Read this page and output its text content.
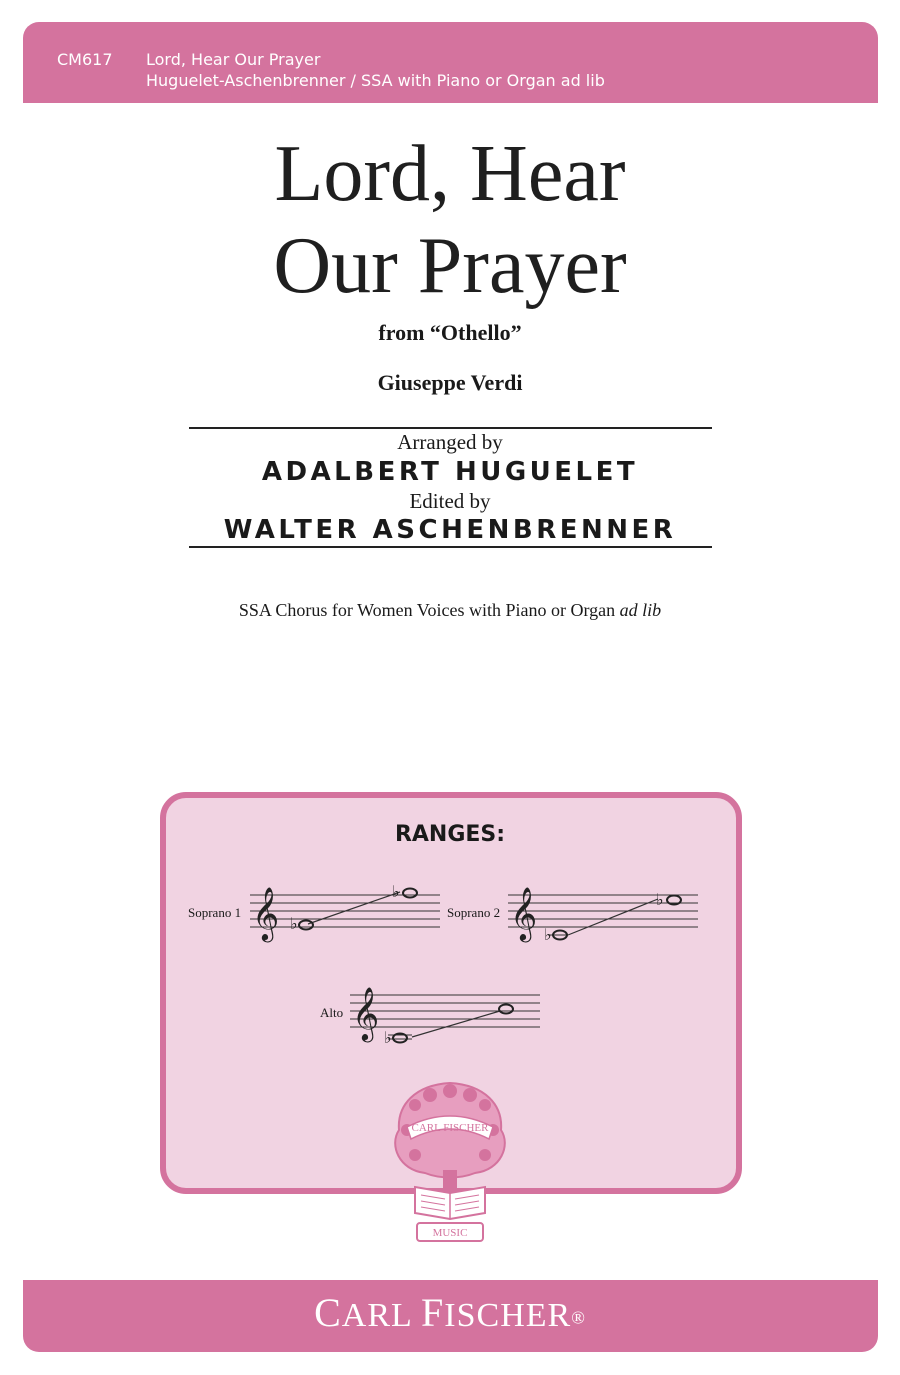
CM617 Lord, Hear Our Prayer
Huguelet-Aschenbrenner / SSA with Piano or Organ ad lib
Lord, Hear
Our Prayer
from “Othello”
Giuseppe Verdi
Arranged by
ADALBERT HUGUELET
Edited by
WALTER ASCHENBRENNER
SSA Chorus for Women Voices with Piano or Organ ad lib
RANGES:
Soprano 1 𝄞 ♭
♭
Soprano 2 𝄞 ♭
♭
Alto 𝄞 ♭
CARL FISCHER
MUSIC
CARL FISCHER®
